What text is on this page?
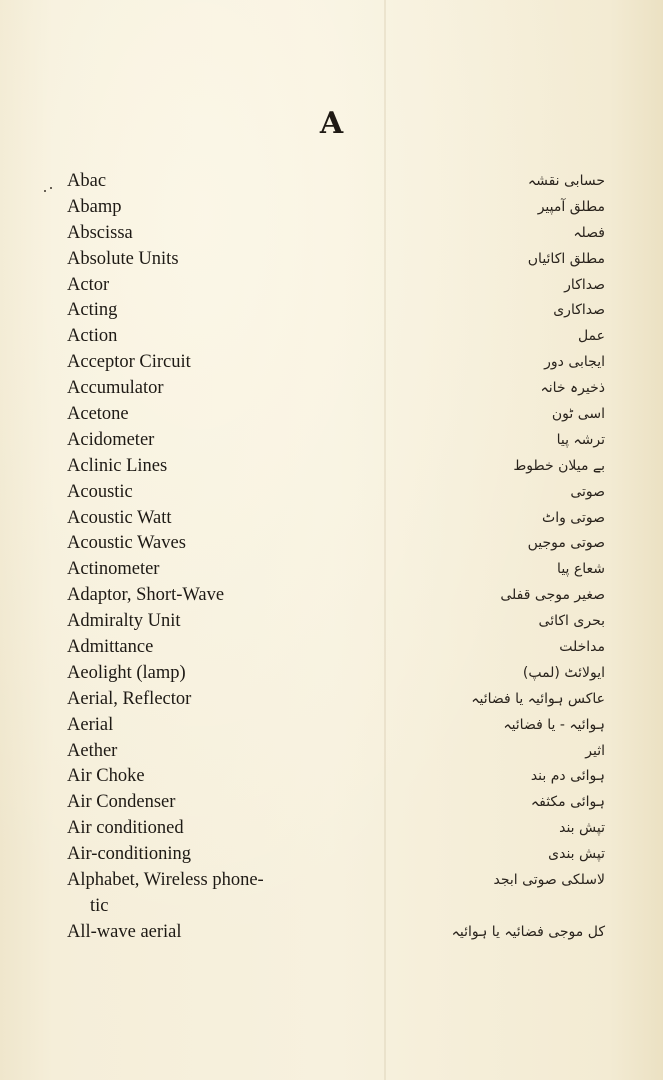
A
Abac	حسابی نقشہ
Abamp	مطلق آمپیر
Abscissa	فصلہ
Absolute Units	مطلق اکائیاں
Actor	صداکار
Acting	صداکاری
Action	عمل
Acceptor Circuit	ایجابی دور
Accumulator	ذخیرہ خانہ
Acetone	اسی ٹون
Acidometer	ترشہ پیا
Aclinic Lines	بے میلان خطوط
Acoustic	صوتی
Acoustic Watt	صوتی واٹ
Acoustic Waves	صوتی موجیں
Actinometer	شعاع پیا
Adaptor, Short-Wave	صغیر موجی قفلی
Admiralty Unit	بحری اکائی
Admittance	مداخلت
Aeolight (lamp)	ایولائٹ (لمپ)
Aerial, Reflector	عاکس ہوائیہ یا فضائیہ
Aerial	ہوائیہ - یا فضائیہ
Aether	اثیر
Air Choke	ہوائی دم بند
Air Condenser	ہوائی مکثفہ
Air conditioned	تپش بند
Air-conditioning	تپش بندی
Alphabet, Wireless phone-	لاسلکی صوتی ابجد
tic
All-wave aerial	کل موجی فضائیہ یا ہوائیہ
